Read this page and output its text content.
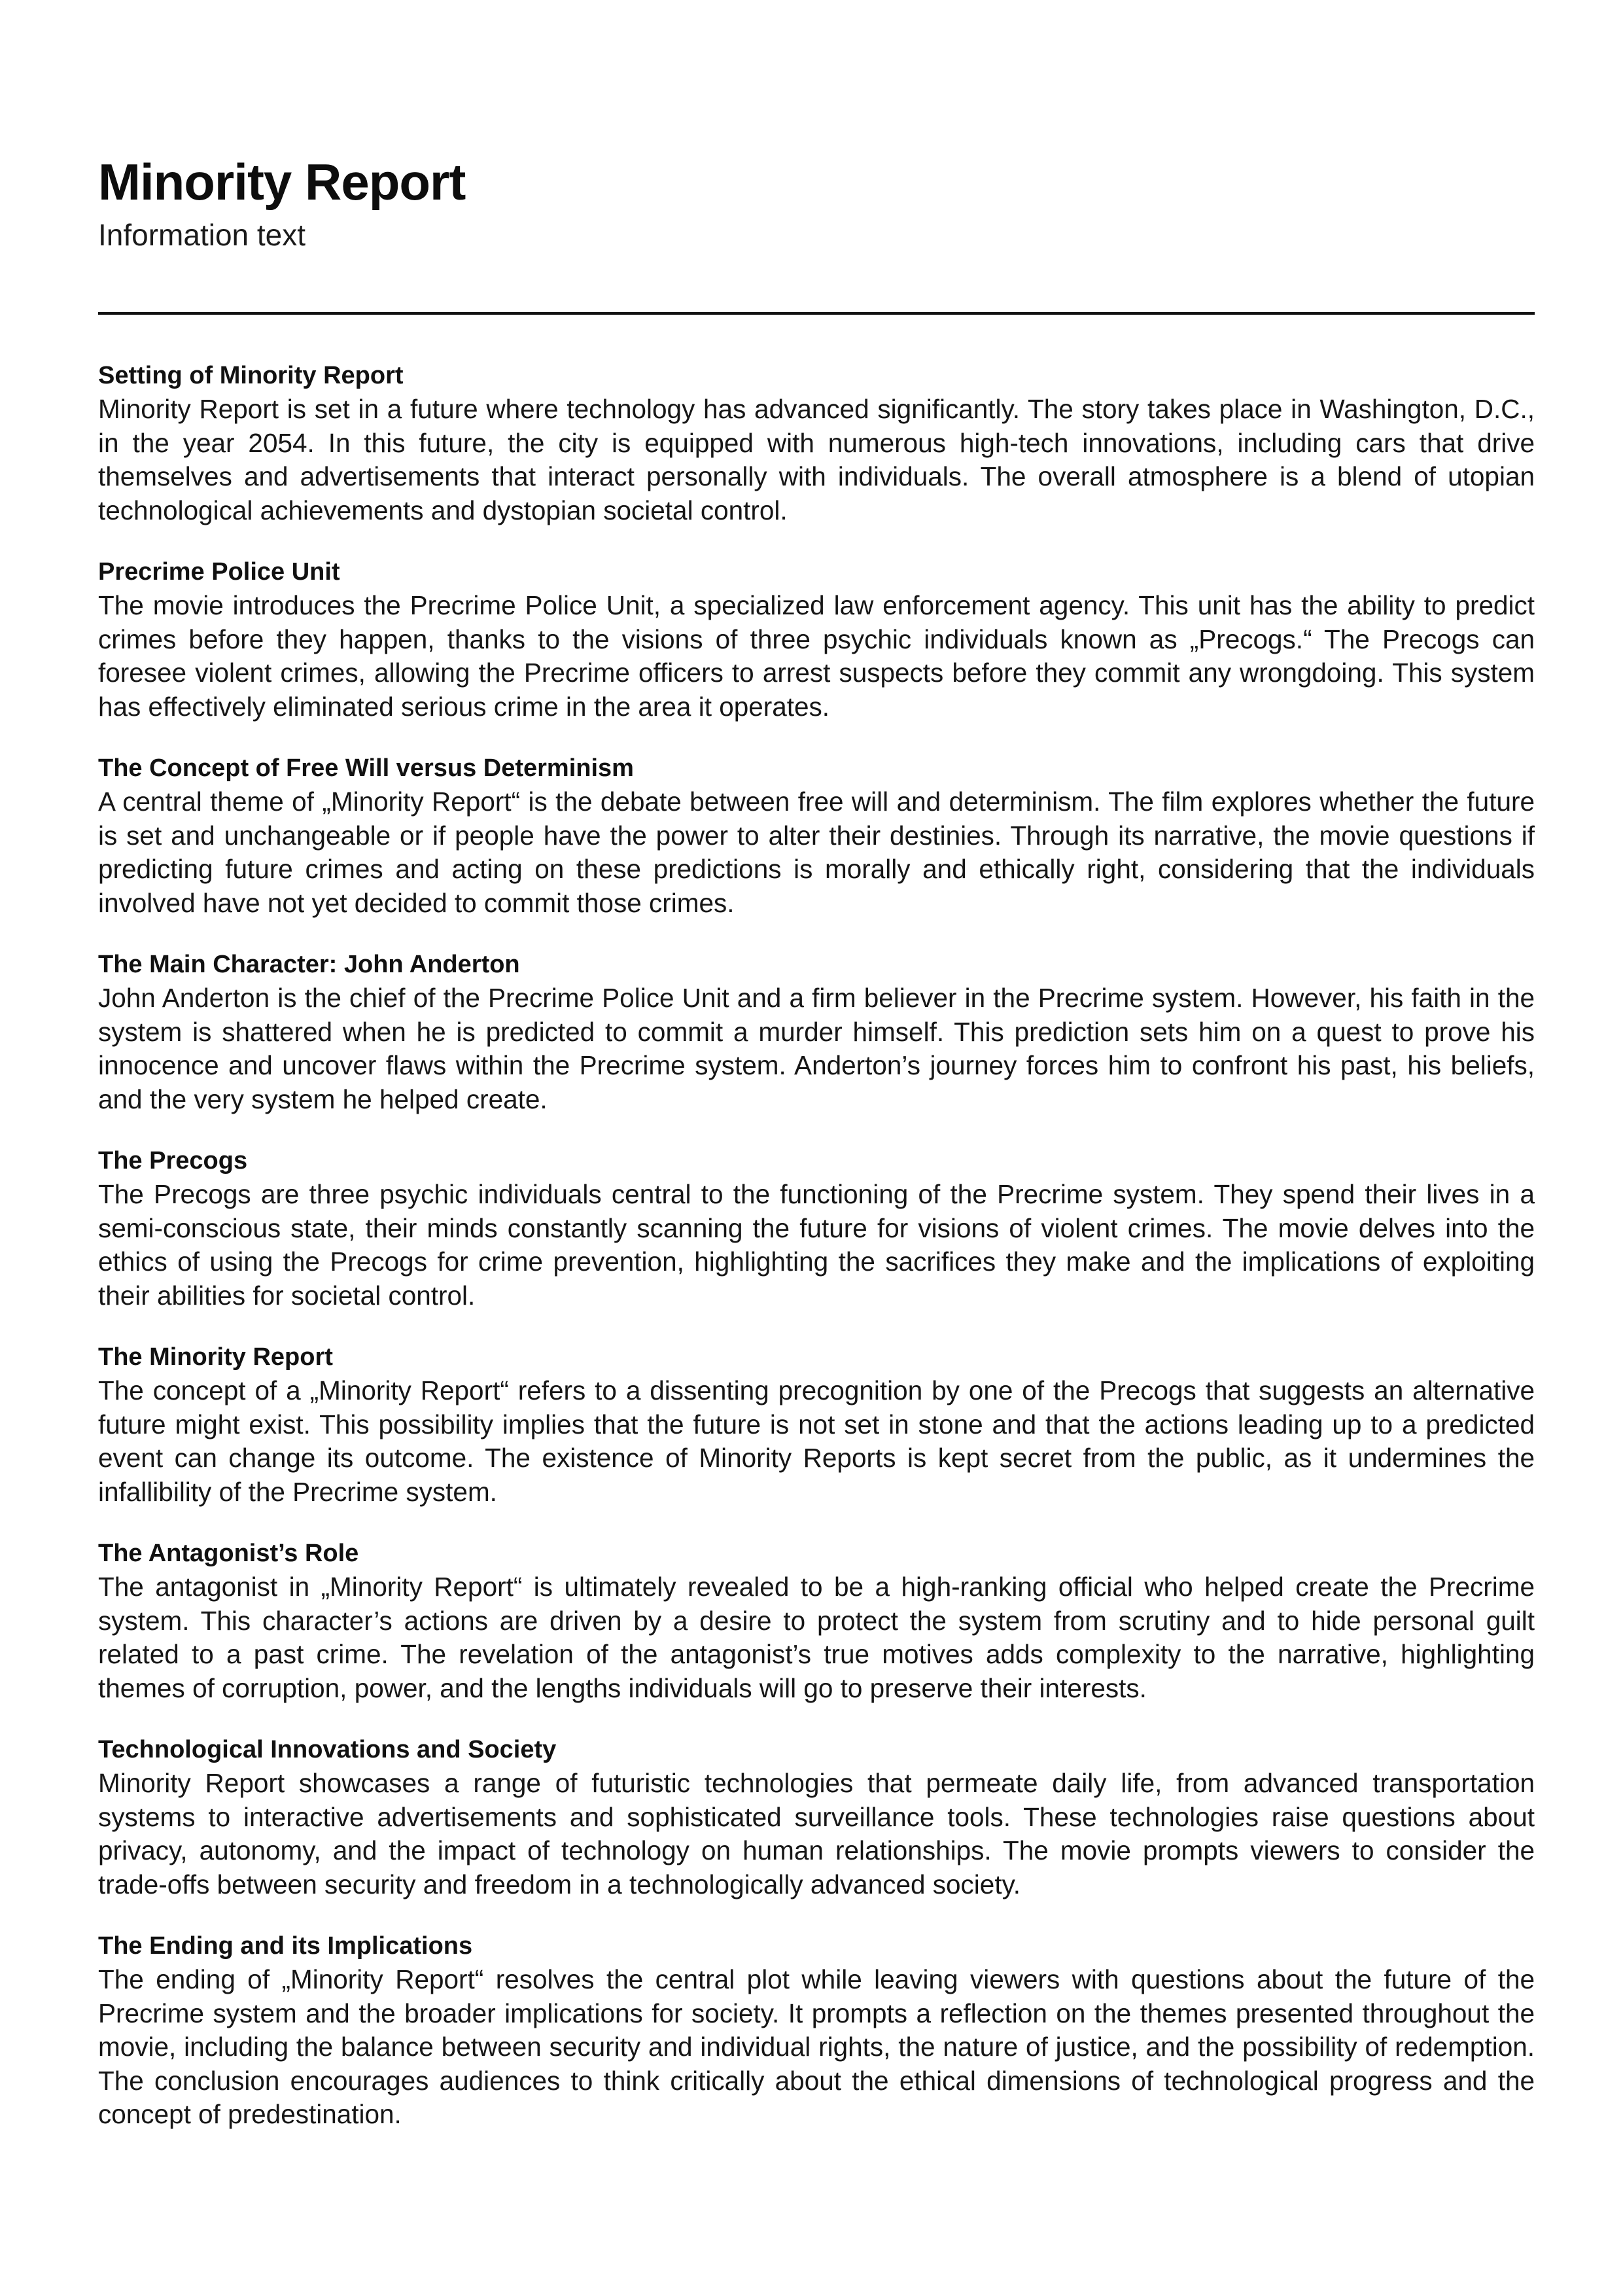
Minority Report

Information text

Setting of Minority Report

Minority Report is set in a future where technology has advanced significantly. The story takes place in Washington, D.C., in the year 2054. In this future, the city is equipped with numerous high-tech innovations, including cars that drive themselves and advertisements that interact personally with individuals. The overall atmosphere is a blend of utopian technological achievements and dystopian societal control.

Precrime Police Unit

The movie introduces the Precrime Police Unit, a specialized law enforcement agency. This unit has the ability to predict crimes before they happen, thanks to the visions of three psychic individuals known as „Precogs.“ The Precogs can foresee violent crimes, allowing the Precrime officers to arrest suspects before they commit any wrongdoing. This system has effectively eliminated serious crime in the area it operates.

The Concept of Free Will versus Determinism

A central theme of „Minority Report“ is the debate between free will and determinism. The film explores whether the future is set and unchangeable or if people have the power to alter their destinies. Through its narrative, the movie questions if predicting future crimes and acting on these predictions is morally and ethically right, considering that the individuals involved have not yet decided to commit those crimes.

The Main Character: John Anderton

John Anderton is the chief of the Precrime Police Unit and a firm believer in the Precrime system. However, his faith in the system is shattered when he is predicted to commit a murder himself. This prediction sets him on a quest to prove his innocence and uncover flaws within the Precrime system. Anderton’s journey forces him to confront his past, his beliefs, and the very system he helped create.

The Precogs

The Precogs are three psychic individuals central to the functioning of the Precrime system. They spend their lives in a semi-conscious state, their minds constantly scanning the future for visions of violent crimes. The movie delves into the ethics of using the Precogs for crime prevention, highlighting the sacrifices they make and the implications of exploiting their abilities for societal control.

The Minority Report

The concept of a „Minority Report“ refers to a dissenting precognition by one of the Precogs that suggests an alternative future might exist. This possibility implies that the future is not set in stone and that the actions leading up to a predicted event can change its outcome. The existence of Minority Reports is kept secret from the public, as it undermines the infallibility of the Precrime system.

The Antagonist’s Role

The antagonist in „Minority Report“ is ultimately revealed to be a high-ranking official who helped create the Precrime system. This character’s actions are driven by a desire to protect the system from scrutiny and to hide personal guilt related to a past crime. The revelation of the antagonist’s true motives adds complexity to the narrative, highlighting themes of corruption, power, and the lengths individuals will go to preserve their interests.

Technological Innovations and Society

Minority Report showcases a range of futuristic technologies that permeate daily life, from advanced transportation systems to interactive advertisements and sophisticated surveillance tools. These technologies raise questions about privacy, autonomy, and the impact of technology on human relationships. The movie prompts viewers to consider the trade-offs between security and freedom in a technologically advanced society.

The Ending and its Implications

The ending of „Minority Report“ resolves the central plot while leaving viewers with questions about the future of the Precrime system and the broader implications for society. It prompts a reflection on the themes presented throughout the movie, including the balance between security and individual rights, the nature of justice, and the possibility of redemption. The conclusion encourages audiences to think critically about the ethical dimensions of technological progress and the concept of predestination.
